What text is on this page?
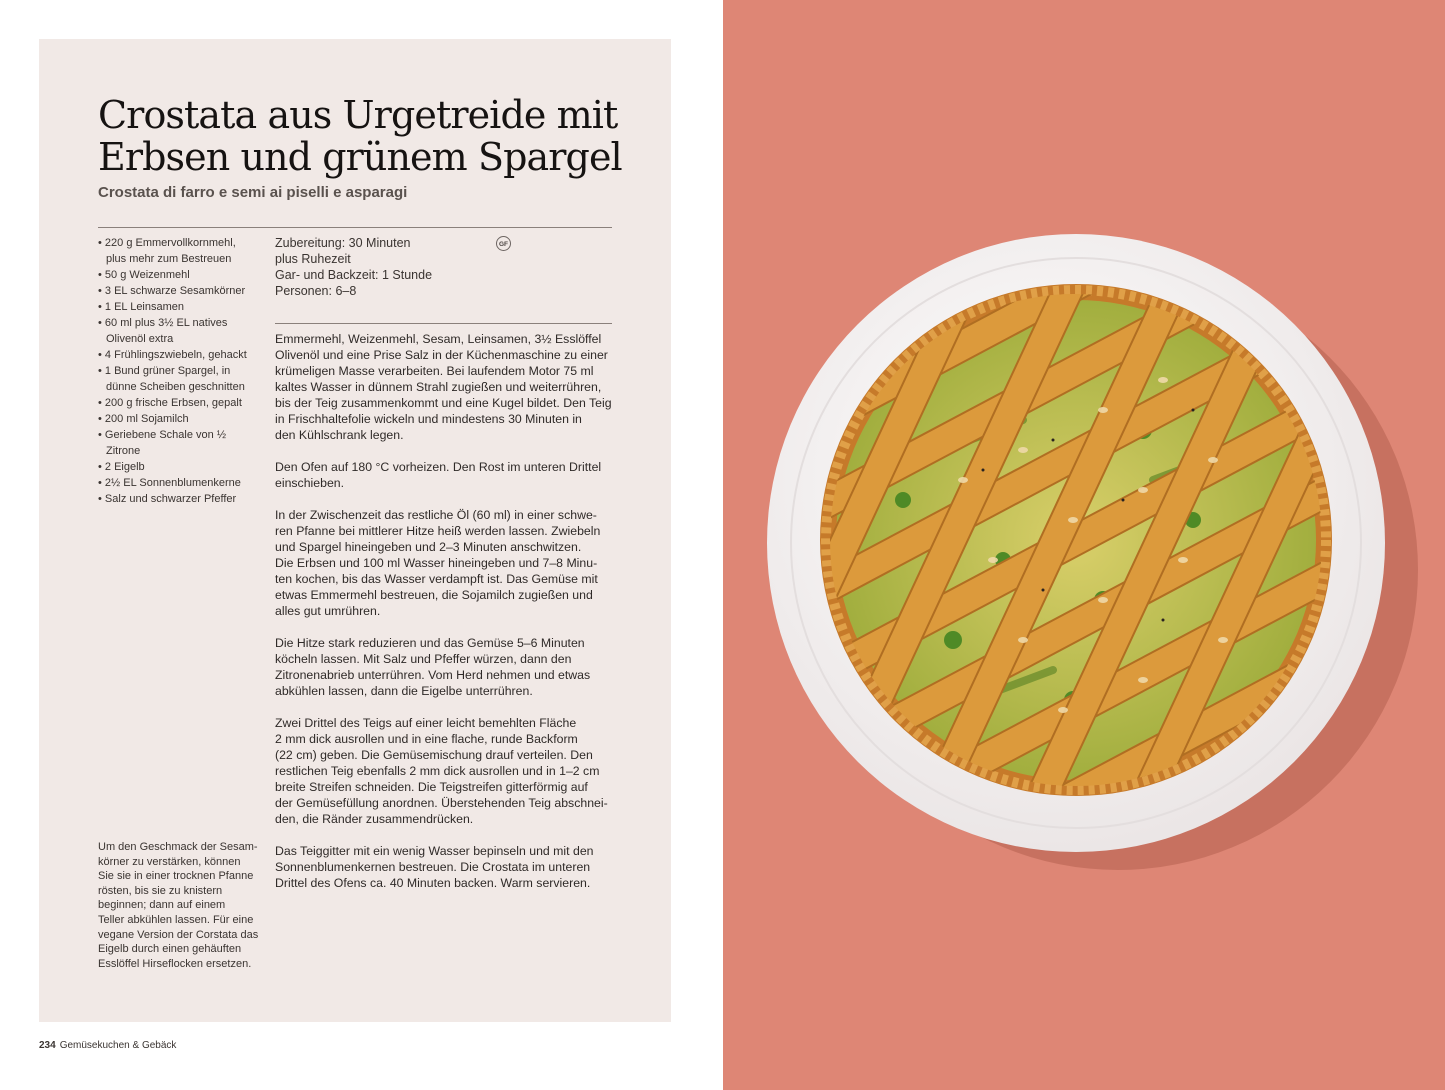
Crostata aus Urgetreide mit
Erbsen und grünem Spargel

Crostata di farro e semi ai piselli e asparagi

• 220 g Emmervollkornmehl, plus mehr zum Bestreuen
• 50 g Weizenmehl
• 3 EL schwarze Sesamkörner
• 1 EL Leinsamen
• 60 ml plus 3½ EL natives Olivenöl extra
• 4 Frühlingszwiebeln, gehackt
• 1 Bund grüner Spargel, in dünne Scheiben geschnitten
• 200 g frische Erbsen, gepalt
• 200 ml Sojamilch
• Geriebene Schale von ½ Zitrone
• 2 Eigelb
• 2½ EL Sonnenblumenkerne
• Salz und schwarzer Pfeffer
Zubereitung: 30 Minuten
plus Ruhezeit
Gar- und Backzeit: 1 Stunde
Personen: 6–8
GF

Emmermehl, Weizenmehl, Sesam, Leinsamen, 3½ Esslöffel
Olivenöl und eine Prise Salz in der Küchenmaschine zu einer
krümeligen Masse verarbeiten. Bei laufendem Motor 75 ml
kaltes Wasser in dünnem Strahl zugießen und weiterrühren,
bis der Teig zusammenkommt und eine Kugel bildet. Den Teig
in Frischhaltefolie wickeln und mindestens 30 Minuten in
den Kühlschrank legen.

Den Ofen auf 180 °C vorheizen. Den Rost im unteren Drittel
einschieben.

In der Zwischenzeit das restliche Öl (60 ml) in einer schwe-
ren Pfanne bei mittlerer Hitze heiß werden lassen. Zwiebeln
und Spargel hineingeben und 2–3 Minuten anschwitzen.
Die Erbsen und 100 ml Wasser hineingeben und 7–8 Minu-
ten kochen, bis das Wasser verdampft ist. Das Gemüse mit
etwas Emmermehl bestreuen, die Sojamilch zugießen und
alles gut umrühren.

Die Hitze stark reduzieren und das Gemüse 5–6 Minuten
köcheln lassen. Mit Salz und Pfeffer würzen, dann den
Zitronenabrieb unterrühren. Vom Herd nehmen und etwas
abkühlen lassen, dann die Eigelbe unterrühren.

Zwei Drittel des Teigs auf einer leicht bemehlten Fläche
2 mm dick ausrollen und in eine flache, runde Backform
(22 cm) geben. Die Gemüsemischung drauf verteilen. Den
restlichen Teig ebenfalls 2 mm dick ausrollen und in 1–2 cm
breite Streifen schneiden. Die Teigstreifen gitterförmig auf
der Gemüsefüllung anordnen. Überstehenden Teig abschnei-
den, die Ränder zusammendrücken.

Das Teiggitter mit ein wenig Wasser bepinseln und mit den
Sonnenblumenkernen bestreuen. Die Crostata im unteren
Drittel des Ofens ca. 40 Minuten backen. Warm servieren.

Um den Geschmack der Sesam-
körner zu verstärken, können
Sie sie in einer trocknen Pfanne
rösten, bis sie zu knistern
beginnen; dann auf einem
Teller abkühlen lassen. Für eine
vegane Version der Corstata das
Eigelb durch einen gehäuften
Esslöffel Hirseflocken ersetzen.

234 Gemüsekuchen & Gebäck
